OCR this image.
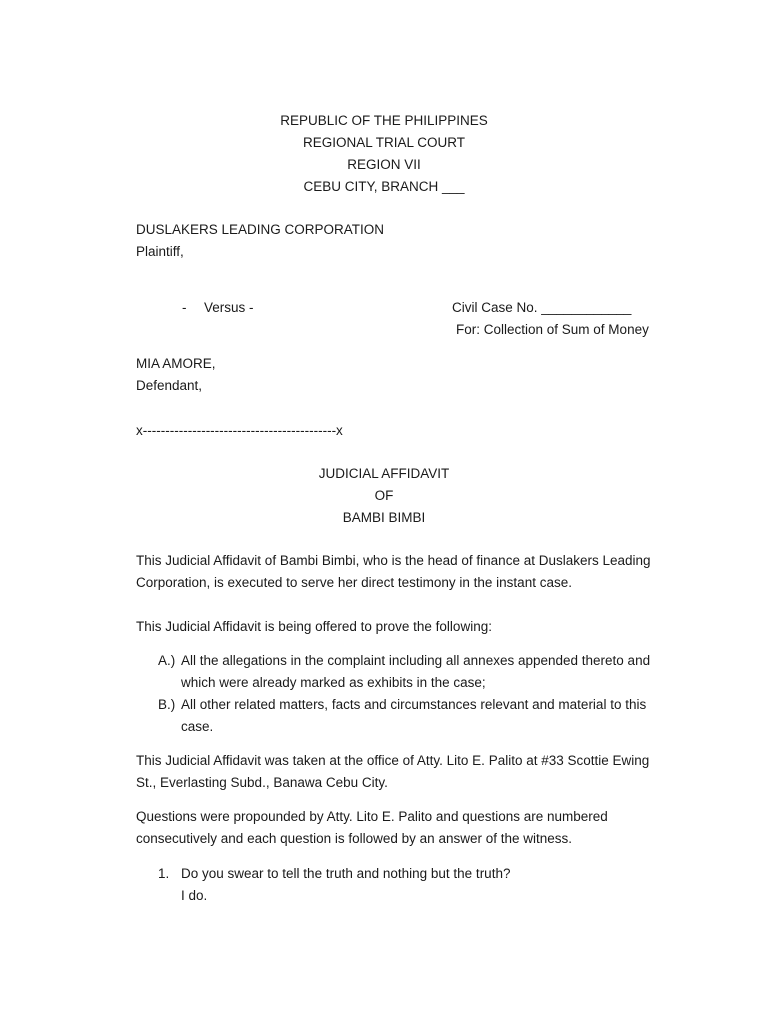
REPUBLIC OF THE PHILIPPINES
REGIONAL TRIAL COURT
REGION VII
CEBU CITY, BRANCH ___
DUSLAKERS LEADING CORPORATION
Plaintiff,
- Versus -	Civil Case No. ____________
For: Collection of Sum of Money
MIA AMORE,
Defendant,
x-------------------------------------------x
JUDICIAL AFFIDAVIT
OF
BAMBI BIMBI
This Judicial Affidavit of Bambi Bimbi, who is the head of finance at Duslakers Leading Corporation, is executed to serve her direct testimony in the instant case.
This Judicial Affidavit is being offered to prove the following:
A.) All the allegations in the complaint including all annexes appended thereto and which were already marked as exhibits in the case;
B.) All other related matters, facts and circumstances relevant and material to this case.
This Judicial Affidavit was taken at the office of Atty. Lito E. Palito at #33 Scottie Ewing St., Everlasting Subd., Banawa Cebu City.
Questions were propounded by Atty. Lito E. Palito and questions are numbered consecutively and each question is followed by an answer of the witness.
1. Do you swear to tell the truth and nothing but the truth?
I do.
